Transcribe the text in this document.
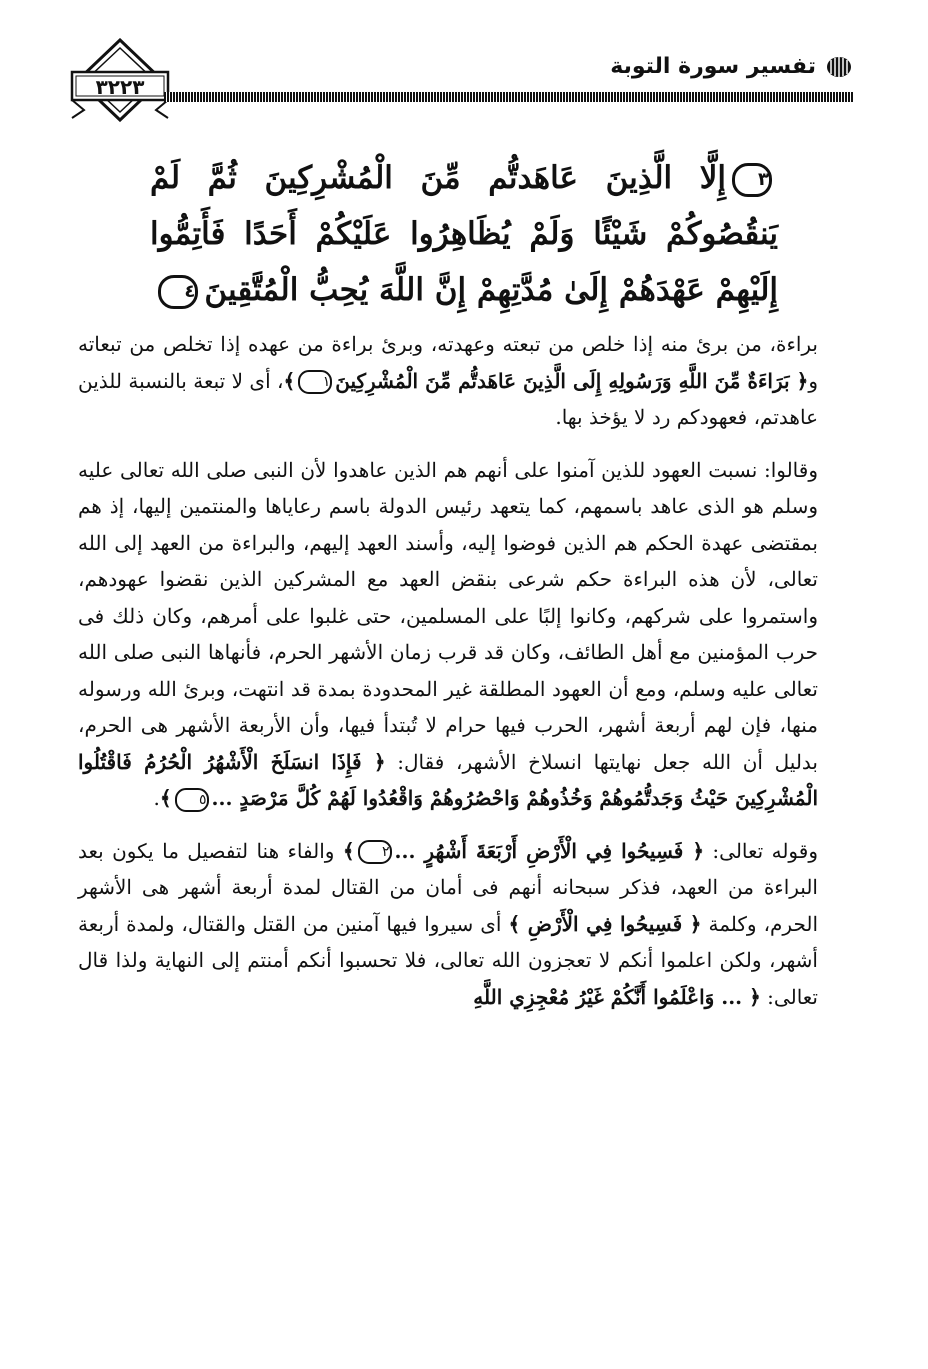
٣٢٢٣
تفسير سورة التوبة
٣إِلَّا الَّذِينَ عَاهَدتُّم مِّنَ الْمُشْرِكِينَ ثُمَّ لَمْ يَنقُصُوكُمْ شَيْئًا وَلَمْ يُظَاهِرُوا عَلَيْكُمْ أَحَدًا فَأَتِمُّوا إِلَيْهِمْ عَهْدَهُمْ إِلَىٰ مُدَّتِهِمْ إِنَّ اللَّهَ يُحِبُّ الْمُتَّقِينَ٤

براءة، من برئ منه إذا خلص من تبعته وعهدته، وبرئ براءة من عهده إذا تخلص من تبعاته و﴿ بَرَاءَةٌ مِّنَ اللَّهِ وَرَسُولِهِ إِلَى الَّذِينَ عَاهَدتُّم مِّنَ الْمُشْرِكِينَ١﴾، أى لا تبعة بالنسبة للذين عاهدتم، فعهودكم رد لا يؤخذ بها.

وقالوا: نسبت العهود للذين آمنوا على أنهم هم الذين عاهدوا لأن النبى صلى الله تعالى عليه وسلم هو الذى عاهد باسمهم، كما يتعهد رئيس الدولة باسم رعاياها والمنتمين إليها، إذ هم بمقتضى عهدة الحكم هم الذين فوضوا إليه، وأسند العهد إليهم، والبراءة من العهد إلى الله تعالى، لأن هذه البراءة حكم شرعى بنقض العهد مع المشركين الذين نقضوا عهودهم، واستمروا على شركهم، وكانوا إلبًا على المسلمين، حتى غلبوا على أمرهم، وكان ذلك فى حرب المؤمنين مع أهل الطائف، وكان قد قرب زمان الأشهر الحرم، فأنهاها النبى صلى الله تعالى عليه وسلم، ومع أن العهود المطلقة غير المحدودة بمدة قد انتهت، وبرئ الله ورسوله منها، فإن لهم أربعة أشهر، الحرب فيها حرام لا تُبتدأ فيها، وأن الأربعة الأشهر هى الحرم، بدليل أن الله جعل نهايتها انسلاخ الأشهر، فقال: ﴿ فَإِذَا انسَلَخَ الْأَشْهُرُ الْحُرُمُ فَاقْتُلُوا الْمُشْرِكِينَ حَيْثُ وَجَدتُّمُوهُمْ وَخُذُوهُمْ وَاحْصُرُوهُمْ وَاقْعُدُوا لَهُمْ كُلَّ مَرْصَدٍ ...٥﴾.

وقوله تعالى: ﴿ فَسِيحُوا فِي الْأَرْضِ أَرْبَعَةَ أَشْهُرٍ ...٢﴾ والفاء هنا لتفصيل ما يكون بعد البراءة من العهد، فذكر سبحانه أنهم فى أمان من القتال لمدة أربعة أشهر هى الأشهر الحرم، وكلمة ﴿ فَسِيحُوا فِي الْأَرْضِ ﴾ أى سيروا فيها آمنين من القتل والقتال، ولمدة أربعة أشهر، ولكن اعلموا أنكم لا تعجزون الله تعالى، فلا تحسبوا أنكم أمنتم إلى النهاية ولذا قال تعالى: ﴿ ... وَاعْلَمُوا أَنَّكُمْ غَيْرُ مُعْجِزِي اللَّهِ
